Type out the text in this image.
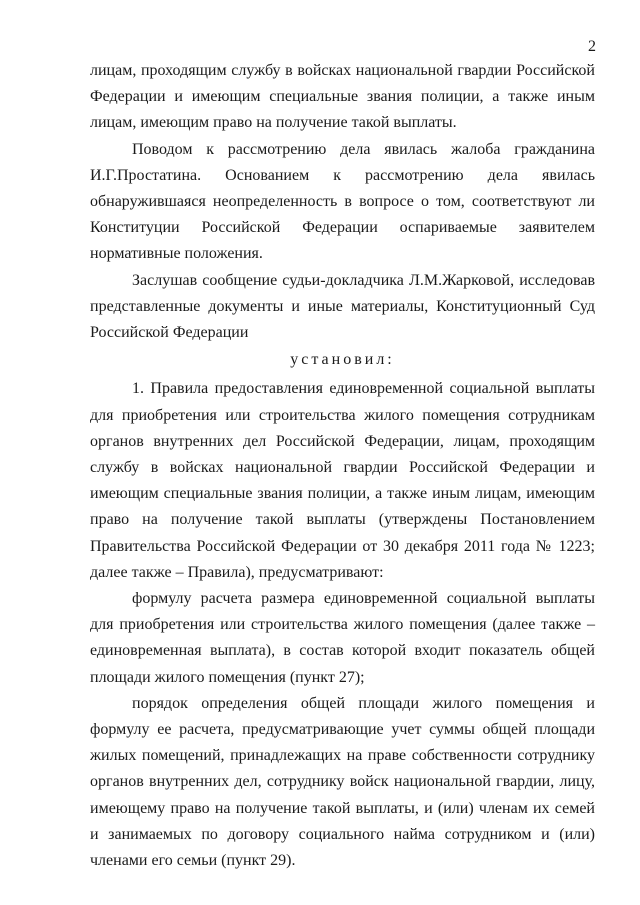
2

лицам, проходящим службу в войсках национальной гвардии Российской Федерации и имеющим специальные звания полиции, а также иным лицам, имеющим право на получение такой выплаты.

Поводом к рассмотрению дела явилась жалоба гражданина И.Г.Простатина. Основанием к рассмотрению дела явилась обнаружившаяся неопределенность в вопросе о том, соответствуют ли Конституции Российской Федерации оспариваемые заявителем нормативные положения.

Заслушав сообщение судьи-докладчика Л.М.Жарковой, исследовав представленные документы и иные материалы, Конституционный Суд Российской Федерации

установил:

1. Правила предоставления единовременной социальной выплаты для приобретения или строительства жилого помещения сотрудникам органов внутренних дел Российской Федерации, лицам, проходящим службу в войсках национальной гвардии Российской Федерации и имеющим специальные звания полиции, а также иным лицам, имеющим право на получение такой выплаты (утверждены Постановлением Правительства Российской Федерации от 30 декабря 2011 года № 1223; далее также – Правила), предусматривают:

формулу расчета размера единовременной социальной выплаты для приобретения или строительства жилого помещения (далее также – единовременная выплата), в состав которой входит показатель общей площади жилого помещения (пункт 27);

порядок определения общей площади жилого помещения и формулу ее расчета, предусматривающие учет суммы общей площади жилых помещений, принадлежащих на праве собственности сотруднику органов внутренних дел, сотруднику войск национальной гвардии, лицу, имеющему право на получение такой выплаты, и (или) членам их семей и занимаемых по договору социального найма сотрудником и (или) членами его семьи (пункт 29).
